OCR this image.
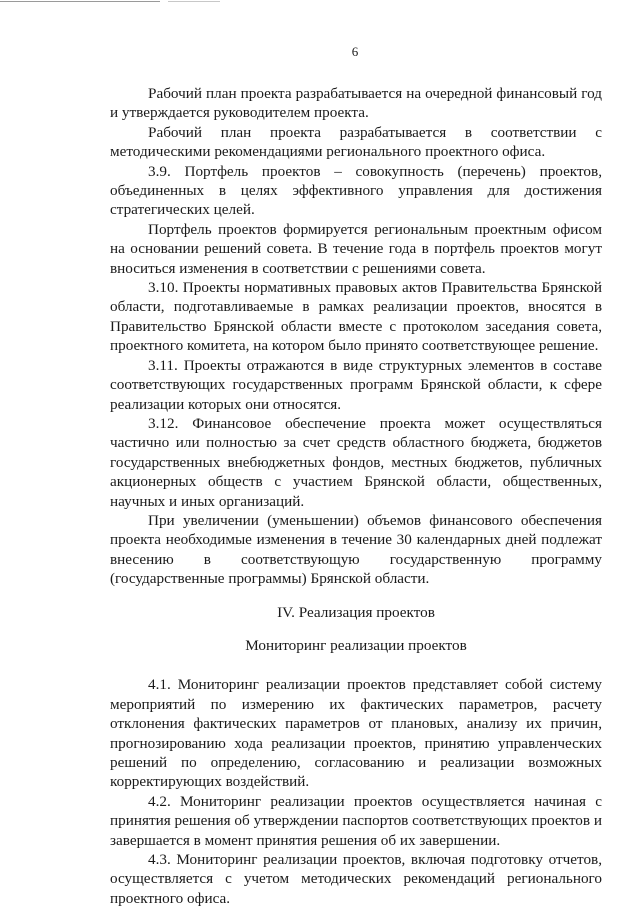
6

Рабочий план проекта разрабатывается на очередной финансовый год и утверждается руководителем проекта.

Рабочий план проекта разрабатывается в соответствии с методическими рекомендациями регионального проектного офиса.

3.9. Портфель проектов – совокупность (перечень) проектов, объединенных в целях эффективного управления для достижения стратегических целей.

Портфель проектов формируется региональным проектным офисом на основании решений совета. В течение года в портфель проектов могут вноситься изменения в соответствии с решениями совета.

3.10. Проекты нормативных правовых актов Правительства Брянской области, подготавливаемые в рамках реализации проектов, вносятся в Правительство Брянской области вместе с протоколом заседания совета, проектного комитета, на котором было принято соответствующее решение.

3.11. Проекты отражаются в виде структурных элементов в составе соответствующих государственных программ Брянской области, к сфере реализации которых они относятся.

3.12. Финансовое обеспечение проекта может осуществляться частично или полностью за счет средств областного бюджета, бюджетов государственных внебюджетных фондов, местных бюджетов, публичных акционерных обществ с участием Брянской области, общественных, научных и иных организаций.

При увеличении (уменьшении) объемов финансового обеспечения проекта необходимые изменения в течение 30 календарных дней подлежат внесению в соответствующую государственную программу (государственные программы) Брянской области.

IV. Реализация проектов
Мониторинг реализации проектов

4.1. Мониторинг реализации проектов представляет собой систему мероприятий по измерению их фактических параметров, расчету отклонения фактических параметров от плановых, анализу их причин, прогнозированию хода реализации проектов, принятию управленческих решений по определению, согласованию и реализации возможных корректирующих воздействий.

4.2. Мониторинг реализации проектов осуществляется начиная с принятия решения об утверждении паспортов соответствующих проектов и завершается в момент принятия решения об их завершении.

4.3. Мониторинг реализации проектов, включая подготовку отчетов, осуществляется с учетом методических рекомендаций регионального проектного офиса.
